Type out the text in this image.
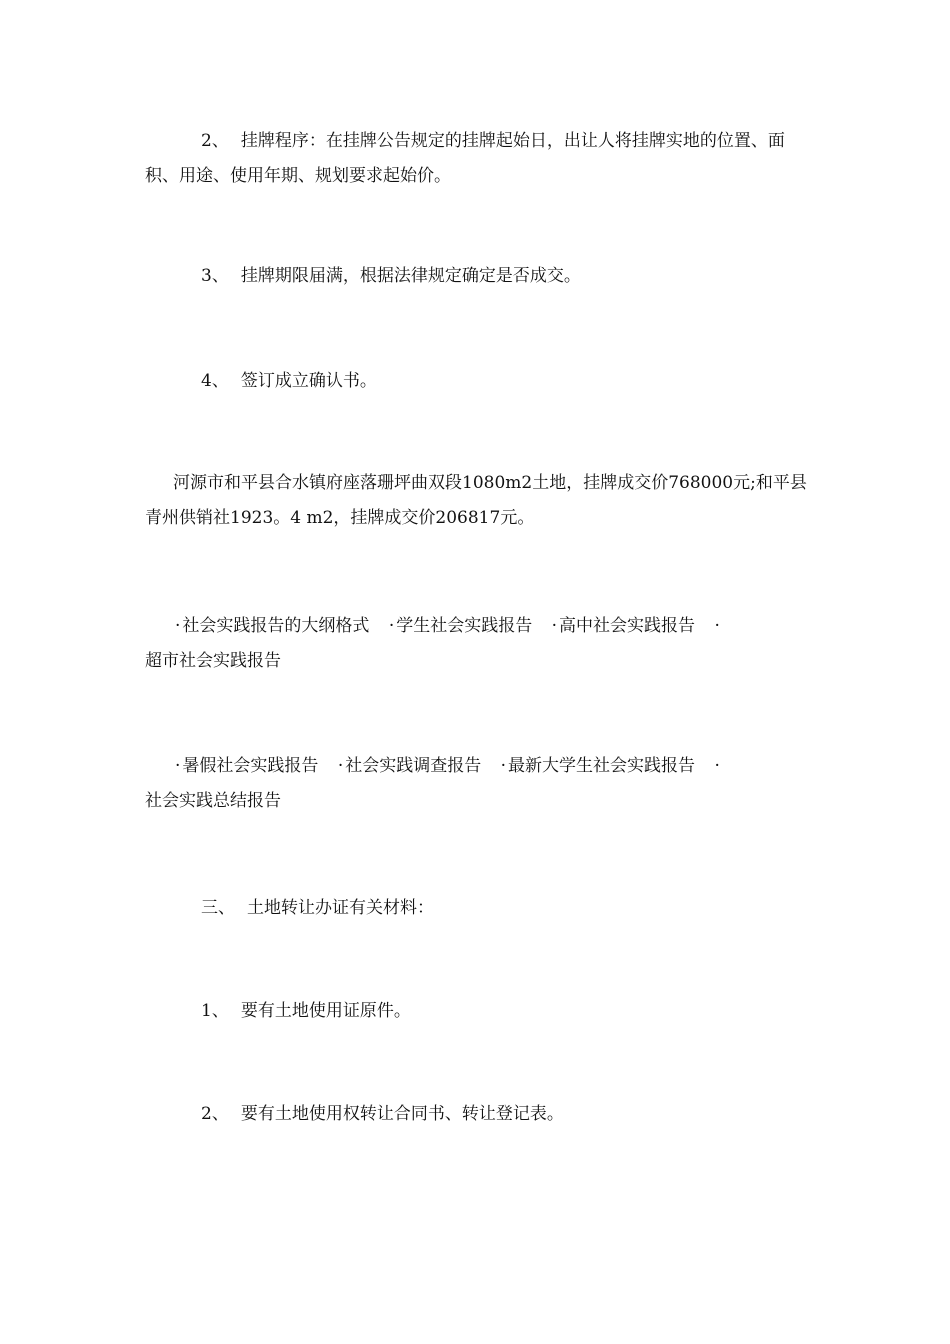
2、 挂牌程序：在挂牌公告规定的挂牌起始日，出让人将挂牌实地的位置、面积、用途、使用年期、规划要求起始价。
3、 挂牌期限届满，根据法律规定确定是否成交。
4、 签订成立确认书。
河源市和平县合水镇府座落珊坪曲双段1080m2土地，挂牌成交价768000元;和平县青州供销社1923。4 m2，挂牌成交价206817元。
· 社会实践报告的大纲格式 · 学生社会实践报告 · 高中社会实践报告 ·
超市社会实践报告
· 暑假社会实践报告 · 社会实践调查报告 · 最新大学生社会实践报告 ·
社会实践总结报告
三、 土地转让办证有关材料：
1、 要有土地使用证原件。
2、 要有土地使用权转让合同书、转让登记表。
